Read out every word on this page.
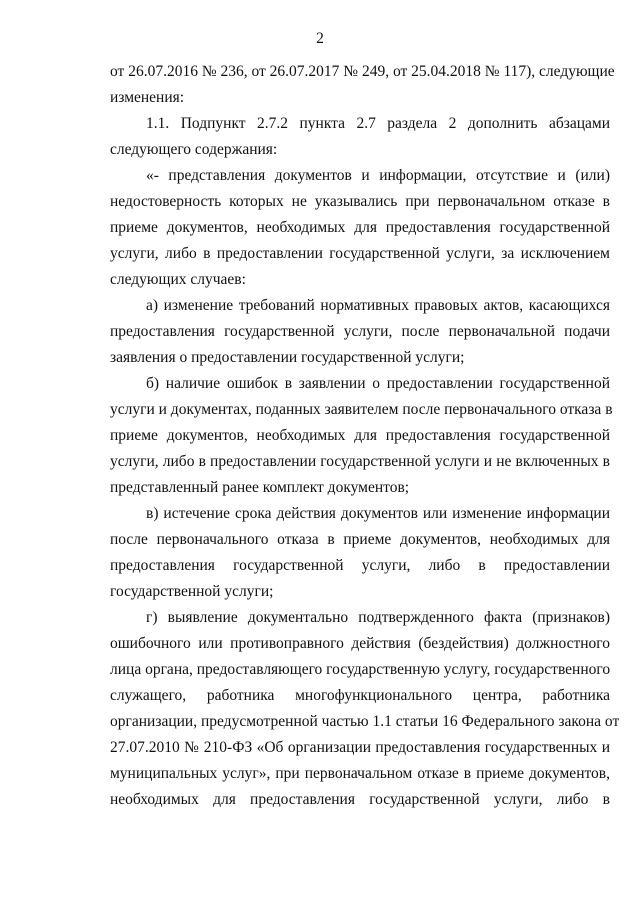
2
от 26.07.2016 № 236, от 26.07.2017 № 249, от 25.04.2018 № 117), следующие
изменения:
1.1. Подпункт 2.7.2 пункта 2.7 раздела 2 дополнить абзацами
следующего содержания:
«- представления документов и информации, отсутствие и (или)
недостоверность которых не указывались при первоначальном отказе в
приеме документов, необходимых для предоставления государственной
услуги, либо в предоставлении государственной услуги, за исключением
следующих случаев:
а) изменение требований нормативных правовых актов, касающихся
предоставления государственной услуги, после первоначальной подачи
заявления о предоставлении государственной услуги;
б) наличие ошибок в заявлении о предоставлении государственной
услуги и документах, поданных заявителем после первоначального отказа в
приеме документов, необходимых для предоставления государственной
услуги, либо в предоставлении государственной услуги и не включенных в
представленный ранее комплект документов;
в) истечение срока действия документов или изменение информации
после первоначального отказа в приеме документов, необходимых для
предоставления государственной услуги, либо в предоставлении
государственной услуги;
г) выявление документально подтвержденного факта (признаков)
ошибочного или противоправного действия (бездействия) должностного
лица органа, предоставляющего государственную услугу, государственного
служащего, работника многофункционального центра, работника
организации, предусмотренной частью 1.1 статьи 16 Федерального закона от
27.07.2010 № 210-ФЗ «Об организации предоставления государственных и
муниципальных услуг», при первоначальном отказе в приеме документов,
необходимых для предоставления государственной услуги, либо в
